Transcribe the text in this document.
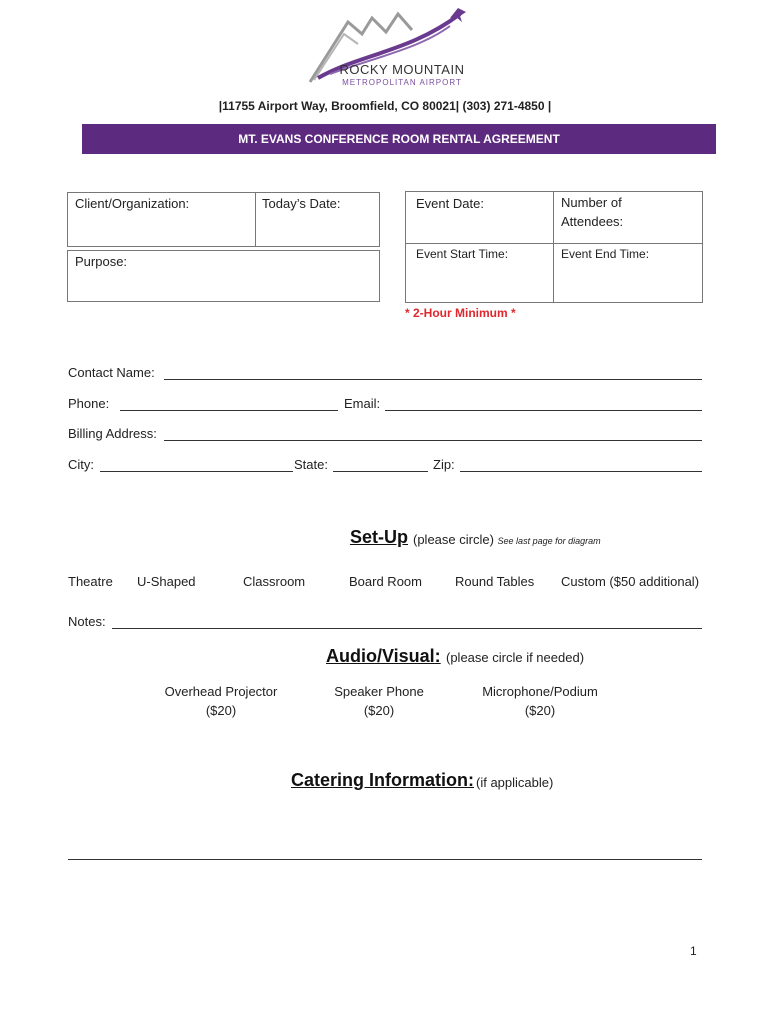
ROCKY MOUNTAIN
METROPOLITAN AIRPORT
|11755 Airport Way, Broomfield, CO 80021| (303) 271-4850 |
MT. EVANS CONFERENCE ROOM RENTAL AGREEMENT
Client/Organization:	Today’s Date:
Purpose:
Event Date:	Number of
Attendees:
Event Start Time:	Event End Time:
* 2-Hour Minimum *
Contact Name:
Phone:	Email:
Billing Address:
City:	State:	Zip:
Set-Up (please circle) See last page for diagram
Theatre U-Shaped	Classroom	Board Room	Round Tables Custom ($50 additional)
Notes:
Audio/Visual: (please circle if needed)
Overhead Projector
($20)
Speaker Phone
($20)
Microphone/Podium
($20)
Catering Information: (if applicable)
1
